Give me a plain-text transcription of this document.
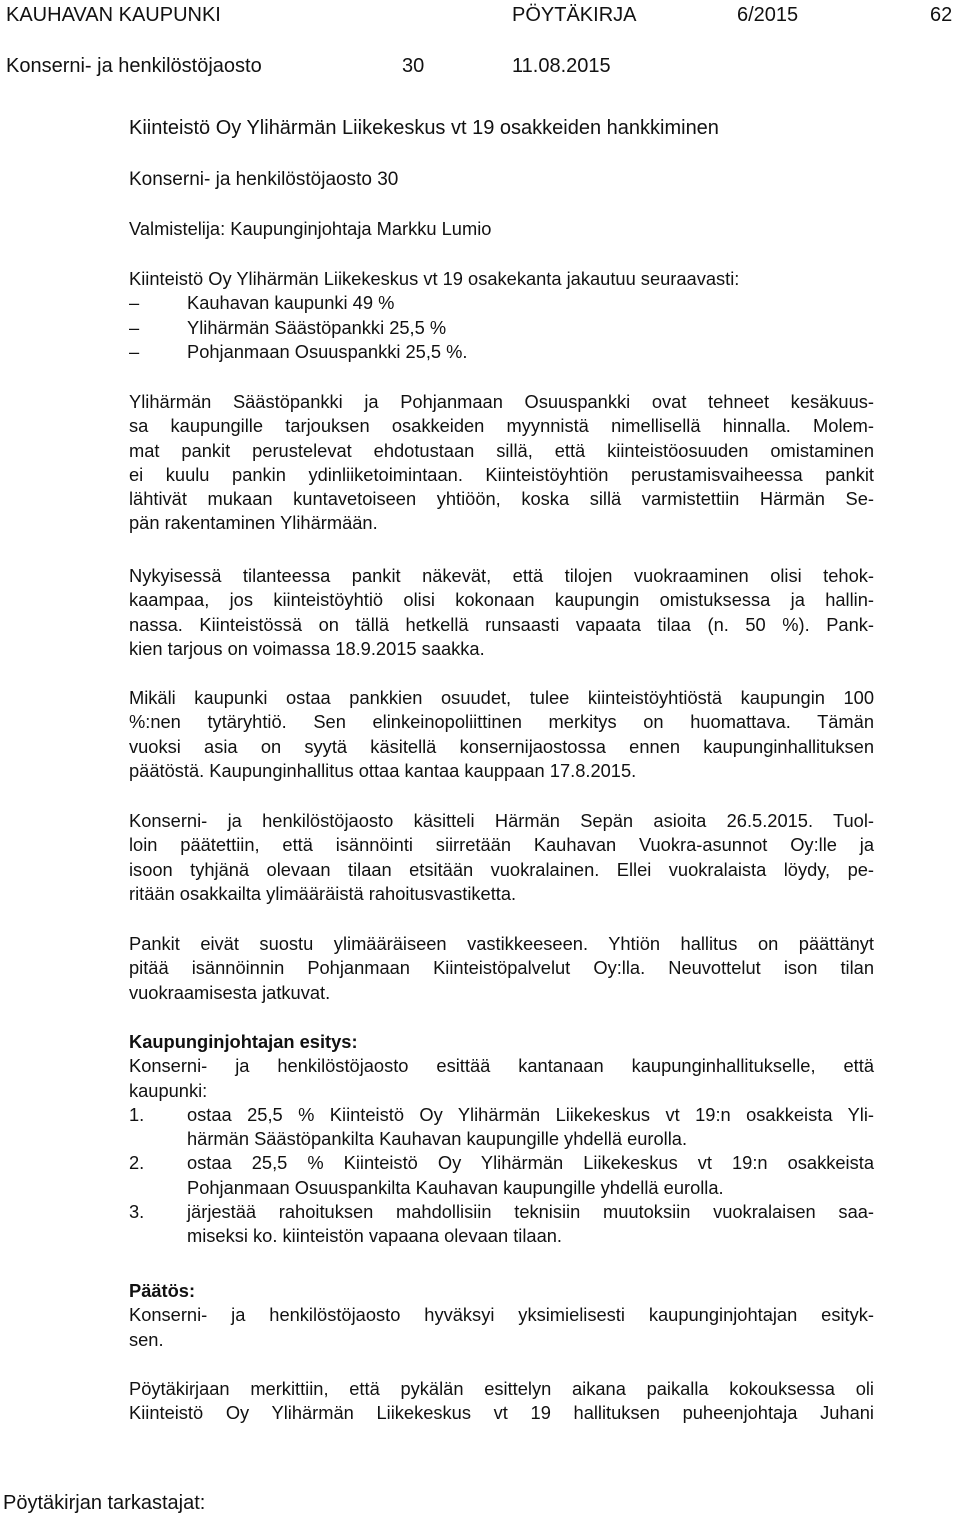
KAUHAVAN KAUPUNKI	PÖYTÄKIRJA	6/2015	62
Konserni- ja henkilöstöjaosto	30	11.08.2015

Kiinteistö Oy Ylihärmän Liikekeskus vt 19 osakkeiden hankkiminen

Konserni- ja henkilöstöjaosto 30

Valmistelija: Kaupunginjohtaja Markku Lumio

Kiinteistö Oy Ylihärmän Liikekeskus vt 19 osakekanta jakautuu seuraavasti:

–	Kauhavan kaupunki 49 %
–	Ylihärmän Säästöpankki 25,5 %
–	Pohjanmaan Osuuspankki 25,5 %.

Ylihärmän Säästöpankki ja Pohjanmaan Osuuspankki ovat tehneet kesäkuus-

sa kaupungille tarjouksen osakkeiden myynnistä nimellisellä hinnalla. Molem-

mat pankit perustelevat ehdotustaan sillä, että kiinteistöosuuden omistaminen

ei kuulu pankin ydinliiketoimintaan. Kiinteistöyhtiön perustamisvaiheessa pankit

lähtivät mukaan kuntavetoiseen yhtiöön, koska sillä varmistettiin Härmän Se-

pän rakentaminen Ylihärmään.

Nykyisessä tilanteessa pankit näkevät, että tilojen vuokraaminen olisi tehok-

kaampaa, jos kiinteistöyhtiö olisi kokonaan kaupungin omistuksessa ja hallin-

nassa. Kiinteistössä on tällä hetkellä runsaasti vapaata tilaa (n. 50 %). Pank-

kien tarjous on voimassa 18.9.2015 saakka.

Mikäli kaupunki ostaa pankkien osuudet, tulee kiinteistöyhtiöstä kaupungin 100

%:nen tytäryhtiö. Sen elinkeinopoliittinen merkitys on huomattava. Tämän

vuoksi asia on syytä käsitellä konsernijaostossa ennen kaupunginhallituksen

päätöstä. Kaupunginhallitus ottaa kantaa kauppaan 17.8.2015.

Konserni- ja henkilöstöjaosto käsitteli Härmän Sepän asioita 26.5.2015. Tuol-

loin päätettiin, että isännöinti siirretään Kauhavan Vuokra-asunnot Oy:lle ja

isoon tyhjänä olevaan tilaan etsitään vuokralainen. Ellei vuokralaista löydy, pe-

ritään osakkailta ylimääräistä rahoitusvastiketta.

Pankit eivät suostu ylimääräiseen vastikkeeseen. Yhtiön hallitus on päättänyt

pitää isännöinnin Pohjanmaan Kiinteistöpalvelut Oy:lla. Neuvottelut ison tilan

vuokraamisesta jatkuvat.

Kaupunginjohtajan esitys:

Konserni- ja henkilöstöjaosto esittää kantanaan kaupunginhallitukselle, että

kaupunki:

1.	ostaa 25,5 % Kiinteistö Oy Ylihärmän Liikekeskus vt 19:n osakkeista Yli-

härmän Säästöpankilta Kauhavan kaupungille yhdellä eurolla.

2.	ostaa 25,5 % Kiinteistö Oy Ylihärmän Liikekeskus vt 19:n osakkeista

Pohjanmaan Osuuspankilta Kauhavan kaupungille yhdellä eurolla.

3.	järjestää rahoituksen mahdollisiin teknisiin muutoksiin vuokralaisen saa-

miseksi ko. kiinteistön vapaana olevaan tilaan.

Päätös:

Konserni- ja henkilöstöjaosto hyväksyi yksimielisesti kaupunginjohtajan esityk-

sen.

Pöytäkirjaan merkittiin, että pykälän esittelyn aikana paikalla kokouksessa oli

Kiinteistö Oy Ylihärmän Liikekeskus vt 19 hallituksen puheenjohtaja Juhani

Pöytäkirjan tarkastajat:
